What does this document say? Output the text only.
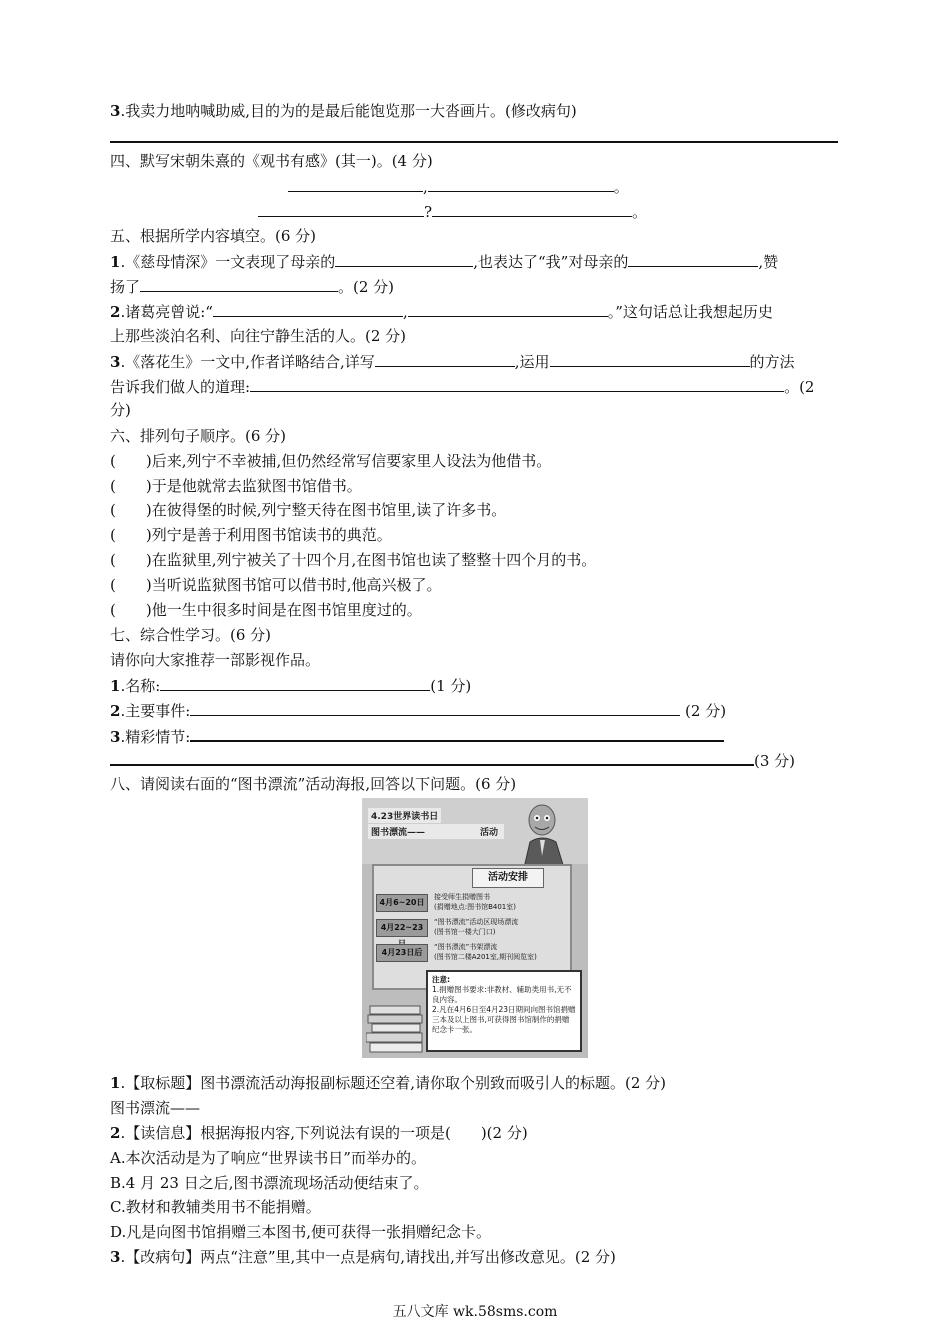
3.我卖力地呐喊助威,目的为的是最后能饱览那一大沓画片。(修改病句)
四、默写宋朝朱熹的《观书有感》(其一)。(4 分)
,	。
?	。
五、根据所学内容填空。(6 分)
1.《慈母情深》一文表现了母亲的	,也表达了“我”对母亲的	,赞
扬了	。(2 分)
2.诸葛亮曾说:“	,	。”这句话总让我想起历史
上那些淡泊名利、向往宁静生活的人。(2 分)
3.《落花生》一文中,作者详略结合,详写	,运用	的方法
告诉我们做人的道理:	。(2
分)
六、排列句子顺序。(6 分)
(　　)后来,列宁不幸被捕,但仍然经常写信要家里人设法为他借书。
(　　)于是他就常去监狱图书馆借书。
(　　)在彼得堡的时候,列宁整天待在图书馆里,读了许多书。
(　　)列宁是善于利用图书馆读书的典范。
(　　)在监狱里,列宁被关了十四个月,在图书馆也读了整整十四个月的书。
(　　)当听说监狱图书馆可以借书时,他高兴极了。
(　　)他一生中很多时间是在图书馆里度过的。
七、综合性学习。(6 分)
请你向大家推荐一部影视作品。
1.名称:	(1 分)
2.主要事件:	(2 分)
3.精彩情节:
(3 分)
八、请阅读右面的“图书漂流”活动海报,回答以下问题。(6 分)
4.23世界读书日
图书漂流——	活动
活动安排
4月6~20日
接受师生捐赠图书
(捐赠地点:图书馆B401室)
4月22~23
“图书漂流”活动区现场漂流
(图书馆一楼大门口)
4月23日后
“图书漂流”书架漂流
(图书馆二楼A201室,期刊阅览室)
注意:
1.捐赠图书要求:非教材、辅助类用书,无不良内容。
2.凡在4月6日至4月23日期间向图书馆捐赠三本及以上图书,可获得图书馆制作的捐赠纪念卡一张。
1.【取标题】图书漂流活动海报副标题还空着,请你取个别致而吸引人的标题。(2 分)
图书漂流——
2.【读信息】根据海报内容,下列说法有误的一项是(　　)(2 分)
A.本次活动是为了响应“世界读书日”而举办的。
B.4 月 23 日之后,图书漂流现场活动便结束了。
C.教材和教辅类用书不能捐赠。
D.凡是向图书馆捐赠三本图书,便可获得一张捐赠纪念卡。
3.【改病句】两点“注意”里,其中一点是病句,请找出,并写出修改意见。(2 分)
五八文库 wk.58sms.com
